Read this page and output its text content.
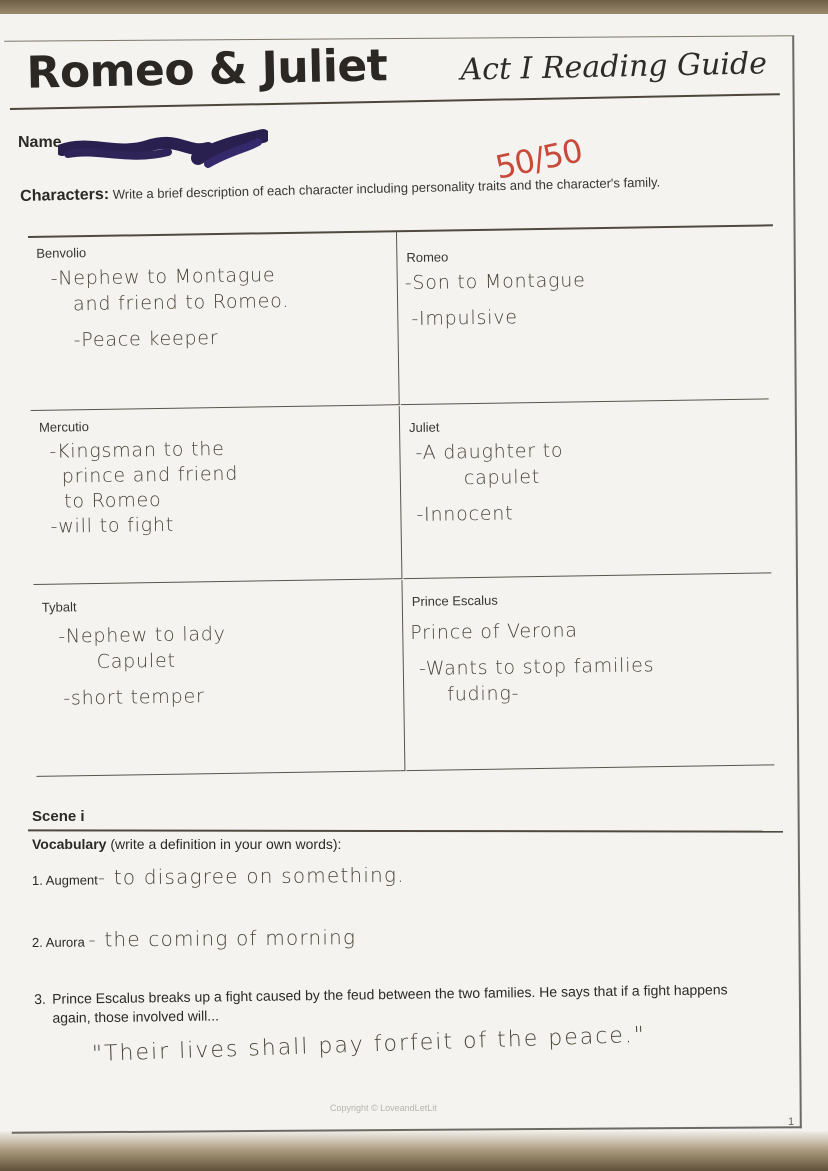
Romeo & Juliet Act I Reading Guide
Name	50/50
Characters: Write a brief description of each character including personality traits and the character's family.
Benvolio
-Nephew to Montague
and friend to Romeo.
-Peace keeper
Romeo
-Son to Montague
-Impulsive
Mercutio
-Kingsman to the
prince and friend
to Romeo
-will to fight
Juliet
-A daughter to
capulet
-Innocent
Tybalt
-Nephew to lady
Capulet
-short temper
Prince Escalus
Prince of Verona
-Wants to stop families
fuding-
Scene i
Vocabulary (write a definition in your own words):
1. Augment- to disagree on something.
2. Aurora - the coming of morning
3. Prince Escalus breaks up a fight caused by the feud between the two families. He says that if a fight happens again, those involved will...
"Their lives shall pay forfeit of the peace."
Copyright © LoveandLetLit
1
